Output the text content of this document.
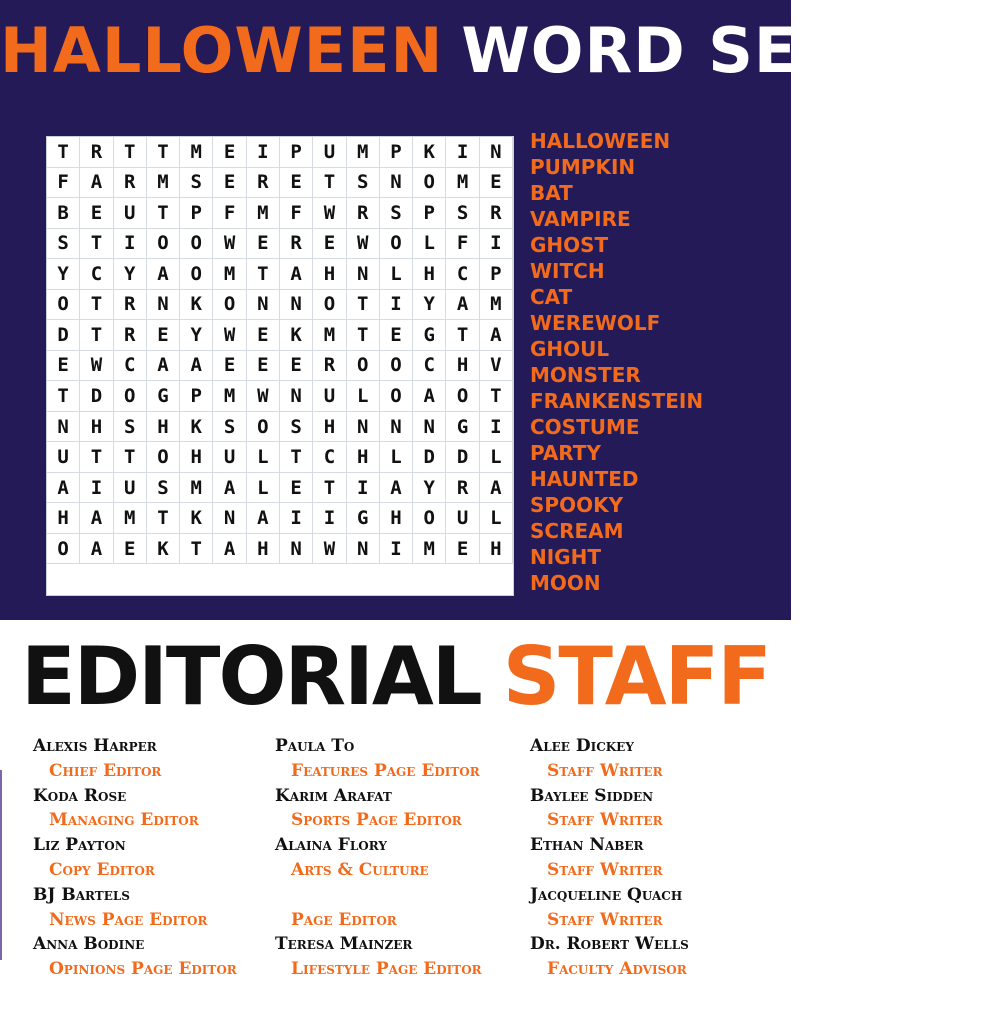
HALLOWEEN WORD SEARCH
T	R	T	T	M	E	I	P	U	M	P	K	I	N
F	A	R	M	S	E	R	E	T	S	N	O	M	E
B	E	U	T	P	F	M	F	W	R	S	P	S	R
S	T	I	O	O	W	E	R	E	W	O	L	F	I
Y	C	Y	A	O	M	T	A	H	N	L	H	C	P
O	T	R	N	K	O	N	N	O	T	I	Y	A	M
D	T	R	E	Y	W	E	K	M	T	E	G	T	A
E	W	C	A	A	E	E	E	R	O	O	C	H	V
T	D	O	G	P	M	W	N	U	L	O	A	O	T
N	H	S	H	K	S	O	S	H	N	N	N	G	I
U	T	T	O	H	U	L	T	C	H	L	D	D	L
A	I	U	S	M	A	L	E	T	I	A	Y	R	A
H	A	M	T	K	N	A	I	I	G	H	O	U	L
O	A	E	K	T	A	H	N	W	N	I	M	E	H
HALLOWEEN
PUMPKIN
BAT
VAMPIRE
GHOST
WITCH
CAT
WEREWOLF
GHOUL
MONSTER
FRANKENSTEIN
COSTUME
PARTY
HAUNTED
SPOOKY
SCREAM
NIGHT
MOON
EDITORIAL STAFF
Alexis Harper
Chief Editor
Koda Rose
Managing Editor
Liz Payton
Copy Editor
BJ Bartels
News Page Editor
Anna Bodine
Opinions Page Editor
Paula To
Features Page Editor
Karim Arafat
Sports Page Editor
Alaina Flory
Arts & Culture
Page Editor
Teresa Mainzer
Lifestyle Page Editor
Alee Dickey
Staff Writer
Baylee Sidden
Staff Writer
Ethan Naber
Staff Writer
Jacqueline Quach
Staff Writer
Dr. Robert Wells
Faculty Advisor
